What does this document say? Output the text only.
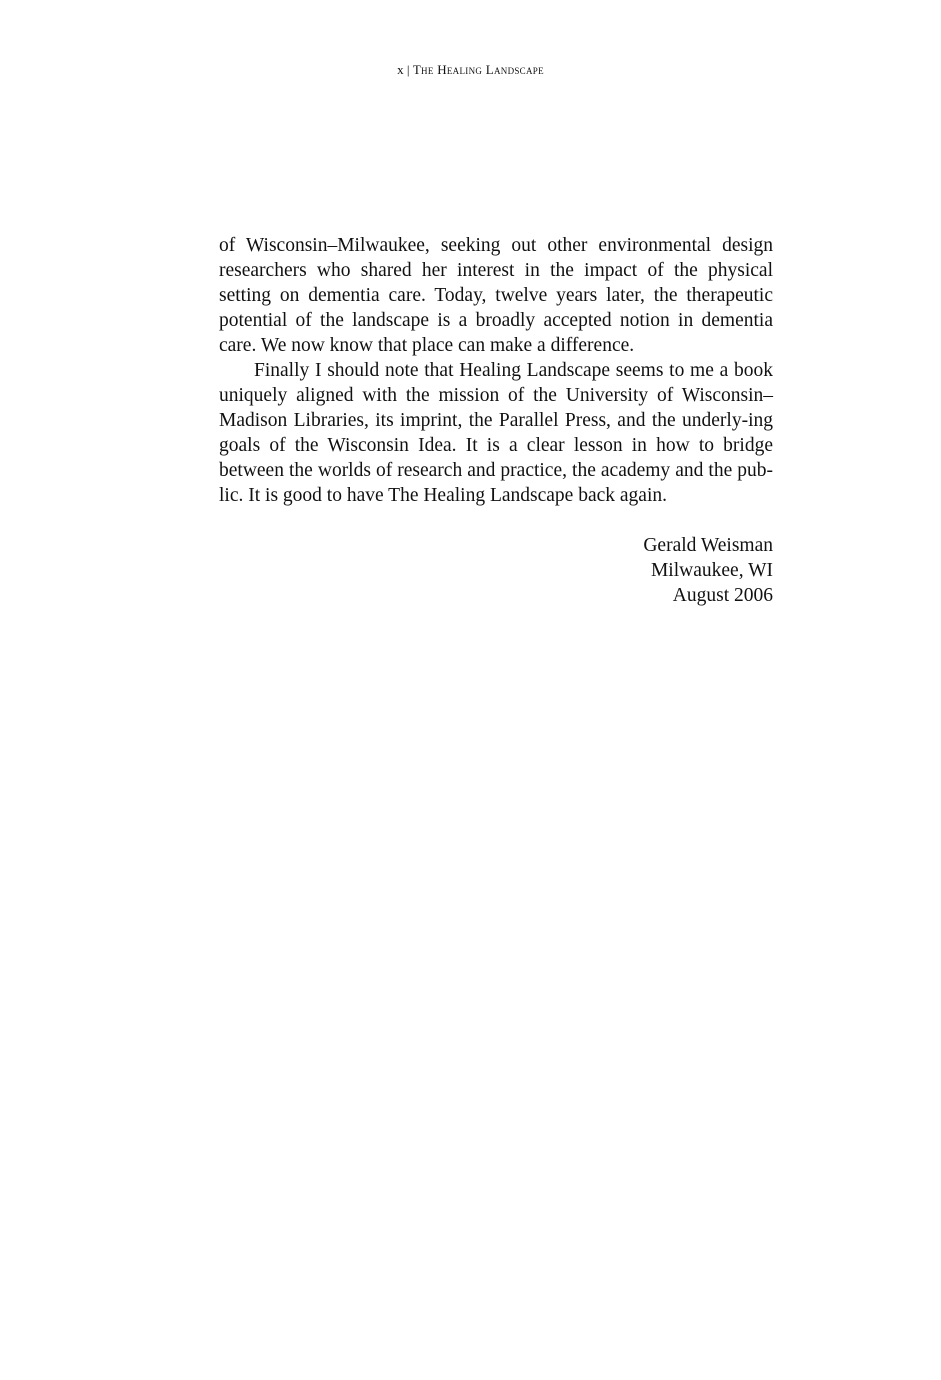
x | The Healing Landscape

of Wisconsin–Milwaukee, seeking out other environmental design researchers who shared her interest in the impact of the physical setting on dementia care. Today, twelve years later, the therapeutic potential of the landscape is a broadly accepted notion in dementia care. We now know that place can make a difference.

Finally I should note that Healing Landscape seems to me a book uniquely aligned with the mission of the University of Wisconsin–Madison Libraries, its imprint, the Parallel Press, and the underly-ing goals of the Wisconsin Idea. It is a clear lesson in how to bridge between the worlds of research and practice, the academy and the pub-lic. It is good to have The Healing Landscape back again.

Gerald Weisman
Milwaukee, WI
August 2006
